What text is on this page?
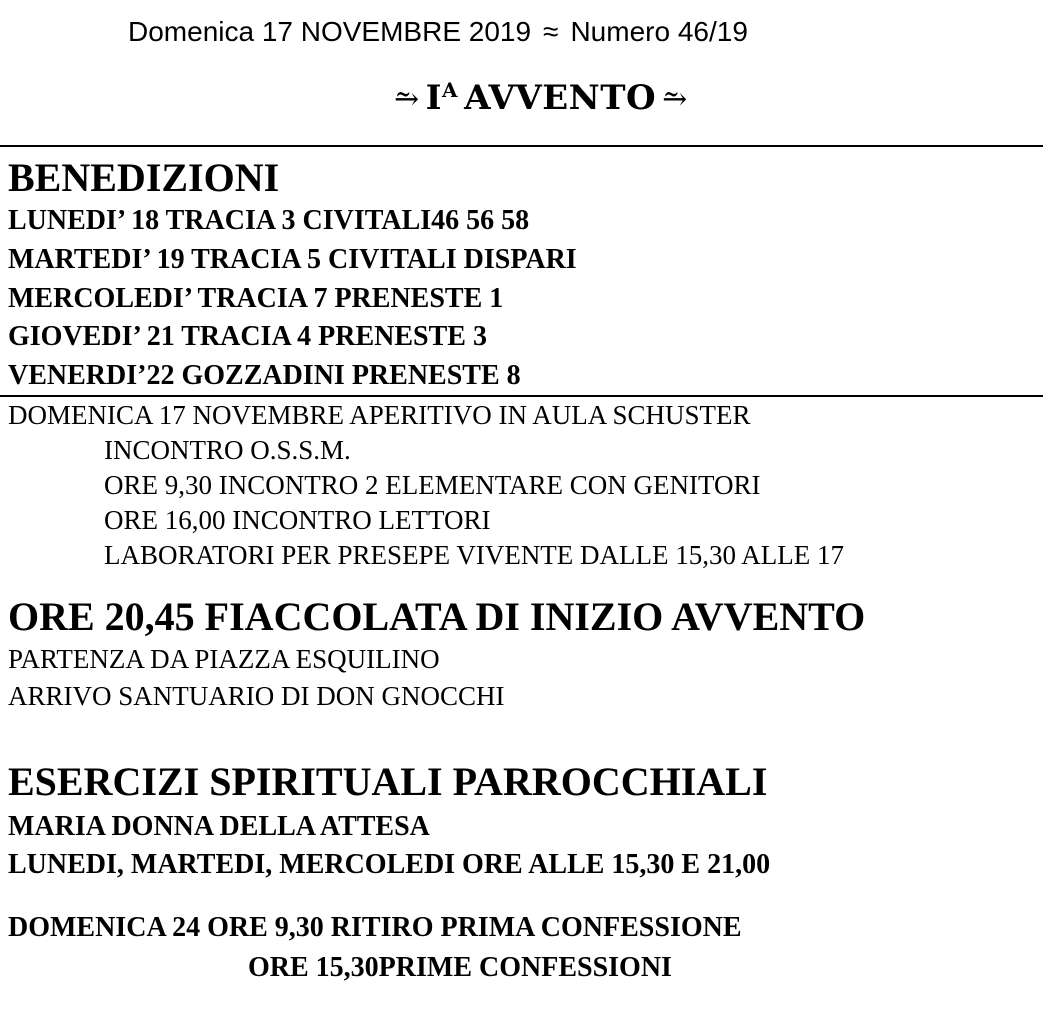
Domenica 17 NOVEMBRE 2019 ≈ Numero 46/19
⥲ $I^A$ AVVENTO ⥲
BENEDIZIONI
LUNEDI’ 18 TRACIA 3 CIVITALI46 56 58
MARTEDI’ 19 TRACIA 5 CIVITALI DISPARI
MERCOLEDI’ TRACIA 7 PRENESTE 1
GIOVEDI’ 21 TRACIA 4 PRENESTE 3
VENERDI’22 GOZZADINI PRENESTE 8
DOMENICA 17 NOVEMBRE APERITIVO IN AULA SCHUSTER
INCONTRO O.S.S.M.
ORE 9,30 INCONTRO 2 ELEMENTARE CON GENITORI
ORE 16,00 INCONTRO LETTORI
LABORATORI PER PRESEPE VIVENTE DALLE 15,30 ALLE 17
ORE 20,45 FIACCOLATA DI INIZIO AVVENTO
PARTENZA DA PIAZZA ESQUILINO
ARRIVO SANTUARIO DI DON GNOCCHI
ESERCIZI SPIRITUALI PARROCCHIALI
MARIA DONNA DELLA ATTESA
LUNEDI, MARTEDI, MERCOLEDI ORE ALLE 15,30 E 21,00
DOMENICA 24 ORE 9,30 RITIRO PRIMA CONFESSIONE
ORE 15,30PRIME CONFESSIONI
